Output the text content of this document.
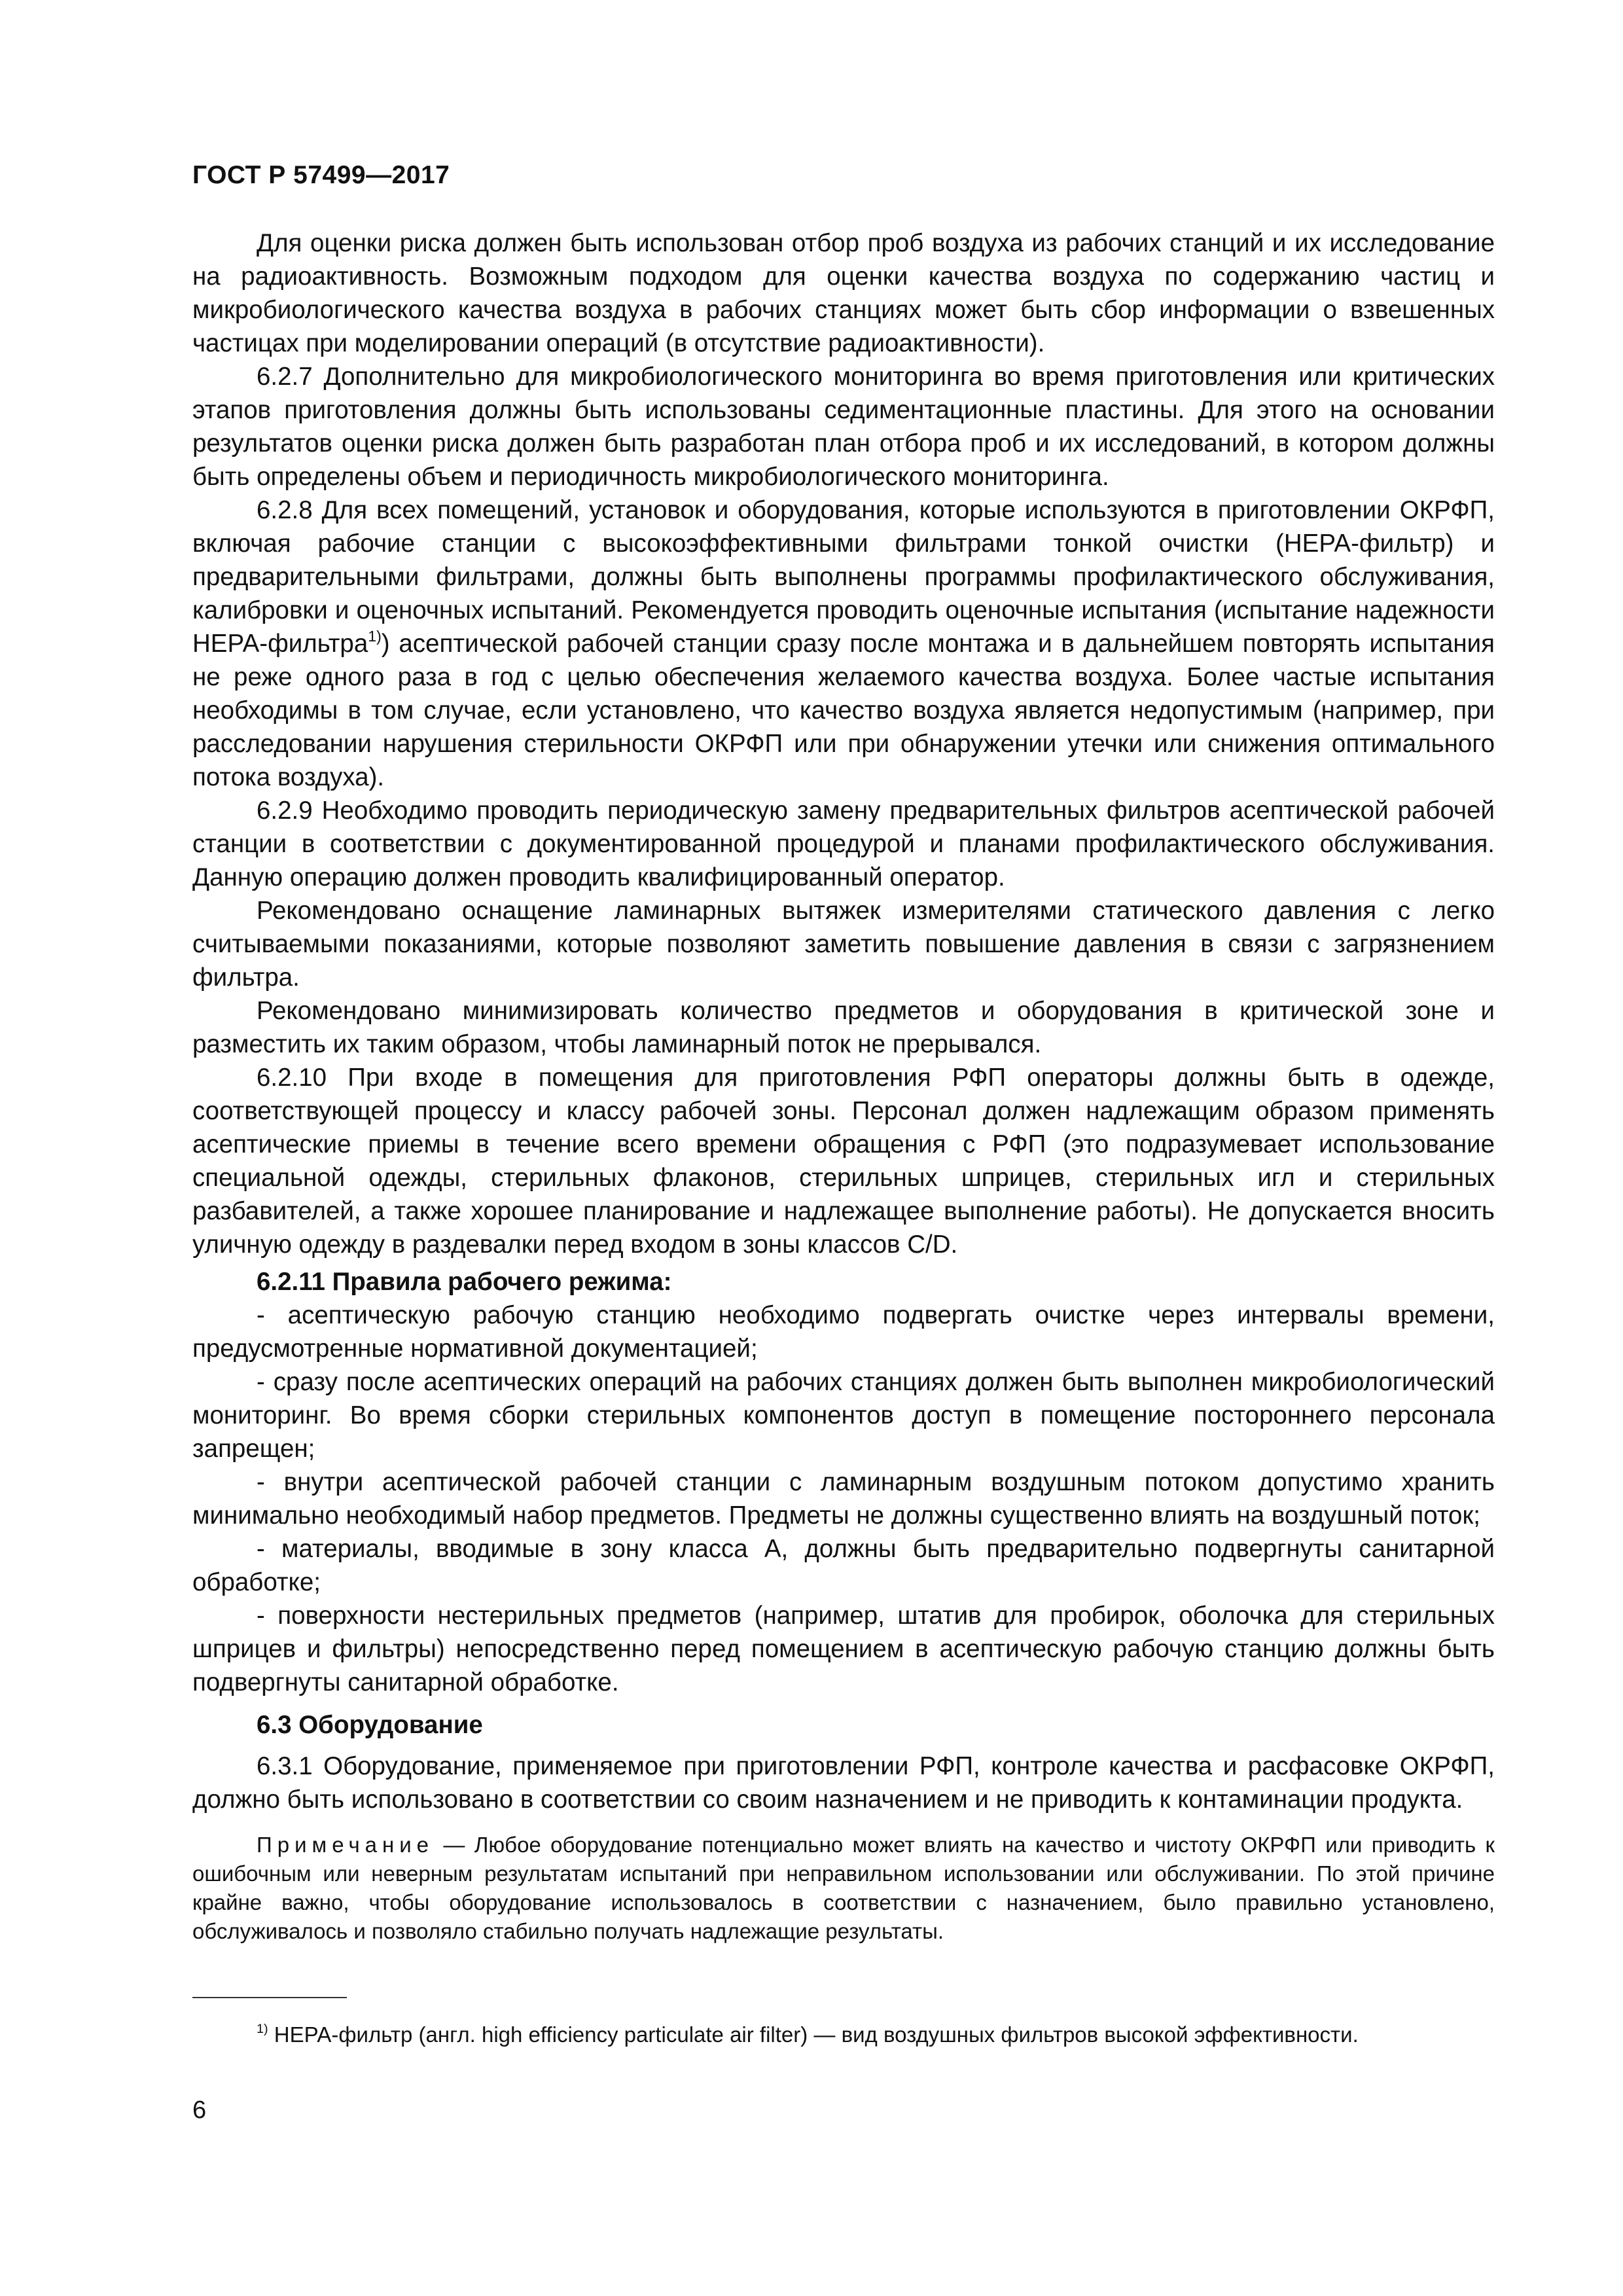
ГОСТ Р 57499—2017

Для оценки риска должен быть использован отбор проб воздуха из рабочих станций и их исследование на радиоактивность. Возможным подходом для оценки качества воздуха по содержанию частиц и микробиологического качества воздуха в рабочих станциях может быть сбор информации о взвешенных частицах при моделировании операций (в отсутствие радиоактивности).

6.2.7 Дополнительно для микробиологического мониторинга во время приготовления или критических этапов приготовления должны быть использованы седиментационные пластины. Для этого на основании результатов оценки риска должен быть разработан план отбора проб и их исследований, в котором должны быть определены объем и периодичность микробиологического мониторинга.

6.2.8 Для всех помещений, установок и оборудования, которые используются в приготовлении ОКРФП, включая рабочие станции с высокоэффективными фильтрами тонкой очистки (НЕРА-фильтр) и предварительными фильтрами, должны быть выполнены программы профилактического обслуживания, калибровки и оценочных испытаний. Рекомендуется проводить оценочные испытания (испытание надежности НЕРА-фильтра$^{1)}$) асептической рабочей станции сразу после монтажа и в дальнейшем повторять испытания не реже одного раза в год с целью обеспечения желаемого качества воздуха. Более частые испытания необходимы в том случае, если установлено, что качество воздуха является недопустимым (например, при расследовании нарушения стерильности ОКРФП или при обнаружении утечки или снижения оптимального потока воздуха).

6.2.9 Необходимо проводить периодическую замену предварительных фильтров асептической рабочей станции в соответствии с документированной процедурой и планами профилактического обслуживания. Данную операцию должен проводить квалифицированный оператор.

Рекомендовано оснащение ламинарных вытяжек измерителями статического давления с легко считываемыми показаниями, которые позволяют заметить повышение давления в связи с загрязнением фильтра.

Рекомендовано минимизировать количество предметов и оборудования в критической зоне и разместить их таким образом, чтобы ламинарный поток не прерывался.

6.2.10 При входе в помещения для приготовления РФП операторы должны быть в одежде, соответствующей процессу и классу рабочей зоны. Персонал должен надлежащим образом применять асептические приемы в течение всего времени обращения с РФП (это подразумевает использование специальной одежды, стерильных флаконов, стерильных шприцев, стерильных игл и стерильных разбавителей, а также хорошее планирование и надлежащее выполнение работы). Не допускается вносить уличную одежду в раздевалки перед входом в зоны классов C/D.

6.2.11 Правила рабочего режима:

- асептическую рабочую станцию необходимо подвергать очистке через интервалы времени, предусмотренные нормативной документацией;

- сразу после асептических операций на рабочих станциях должен быть выполнен микробиологический мониторинг. Во время сборки стерильных компонентов доступ в помещение постороннего персонала запрещен;

- внутри асептической рабочей станции с ламинарным воздушным потоком допустимо хранить минимально необходимый набор предметов. Предметы не должны существенно влиять на воздушный поток;

- материалы, вводимые в зону класса А, должны быть предварительно подвергнуты санитарной обработке;

- поверхности нестерильных предметов (например, штатив для пробирок, оболочка для стерильных шприцев и фильтры) непосредственно перед помещением в асептическую рабочую станцию должны быть подвергнуты санитарной обработке.

6.3 Оборудование

6.3.1 Оборудование, применяемое при приготовлении РФП, контроле качества и расфасовке ОКРФП, должно быть использовано в соответствии со своим назначением и не приводить к контаминации продукта.

Примечание — Любое оборудование потенциально может влиять на качество и чистоту ОКРФП или приводить к ошибочным или неверным результатам испытаний при неправильном использовании или обслуживании. По этой причине крайне важно, чтобы оборудование использовалось в соответствии с назначением, было правильно установлено, обслуживалось и позволяло стабильно получать надлежащие результаты.

$^{1)}$ НЕРА-фильтр (англ. high efficiency particulate air filter) — вид воздушных фильтров высокой эффективности.

6
